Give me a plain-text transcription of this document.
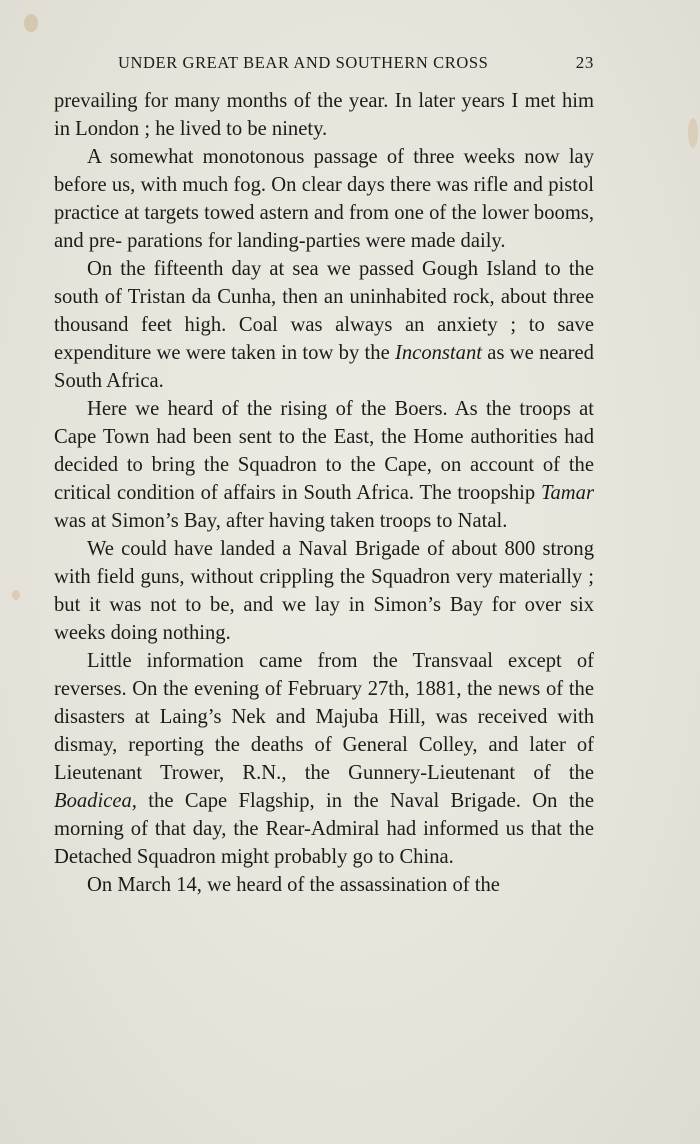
UNDER GREAT BEAR AND SOUTHERN CROSS	23

prevailing for many months of the year. In later years I met him in London ; he lived to be ninety.

A somewhat monotonous passage of three weeks now lay before us, with much fog. On clear days there was rifle and pistol practice at targets towed astern and from one of the lower booms, and pre- parations for landing-parties were made daily.

On the fifteenth day at sea we passed Gough Island to the south of Tristan da Cunha, then an uninhabited rock, about three thousand feet high. Coal was always an anxiety ; to save expenditure we were taken in tow by the Inconstant as we neared South Africa.

Here we heard of the rising of the Boers. As the troops at Cape Town had been sent to the East, the Home authorities had decided to bring the Squadron to the Cape, on account of the critical condition of affairs in South Africa. The troopship Tamar was at Simon’s Bay, after having taken troops to Natal.

We could have landed a Naval Brigade of about 800 strong with field guns, without crippling the Squadron very materially ; but it was not to be, and we lay in Simon’s Bay for over six weeks doing nothing.

Little information came from the Transvaal except of reverses. On the evening of February 27th, 1881, the news of the disasters at Laing’s Nek and Majuba Hill, was received with dismay, reporting the deaths of General Colley, and later of Lieutenant Trower, R.N., the Gunnery-Lieutenant of the Boadicea, the Cape Flagship, in the Naval Brigade. On the morning of that day, the Rear-Admiral had informed us that the Detached Squadron might probably go to China.

On March 14, we heard of the assassination of the
